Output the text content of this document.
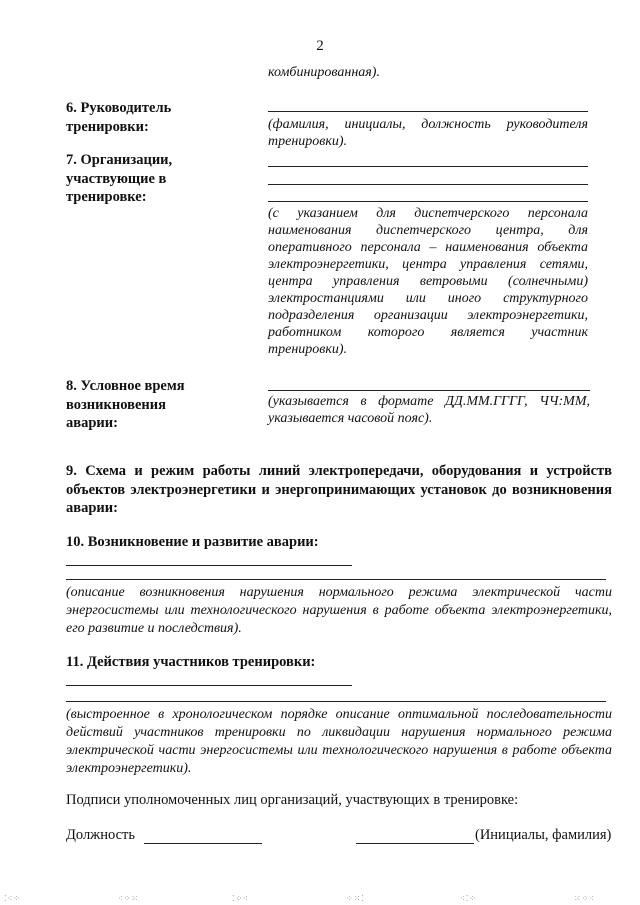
2
комбинированная).
6. Руководитель тренировки:	(фамилия, инициалы, должность руководителя тренировки).
7. Организации, участвующие в тренировке:
(с указанием для диспетчерского персонала наименования диспетчерского центра, для оперативного персонала – наименования объекта электроэнергетики, центра управления сетями, центра управления ветровыми (солнечными) электростанциями или иного структурного подразделения организации электроэнергетики, работником которого является участник тренировки).
8. Условное время возникновения аварии:
(указывается в формате ДД.ММ.ГГГГ, ЧЧ:ММ, указывается часовой пояс).
9. Схема и режим работы линий электропередачи, оборудования и устройств объектов электроэнергетики и энергопринимающих установок до возникновения аварии:
10. Возникновение и развитие аварии:
(описание возникновения нарушения нормального режима электрической части энергосистемы или технологического нарушения в работе объекта электроэнергетики, его развитие и последствия).
11. Действия участников тренировки:
(выстроенное в хронологическом порядке описание оптимальной последовательности действий участников тренировки по ликвидации нарушения нормального режима электрической части энергосистемы или технологического нарушения в работе объекта электроэнергетики).
Подписи уполномоченных лиц организаций, участвующих в тренировке:
Должность	(Инициалы, фамилия)
⁚⁖⁘	⁖⁘⁙	⁚⁘⁖	⁘⁙⁚	⁖⁚⁘	⁙⁘⁖
